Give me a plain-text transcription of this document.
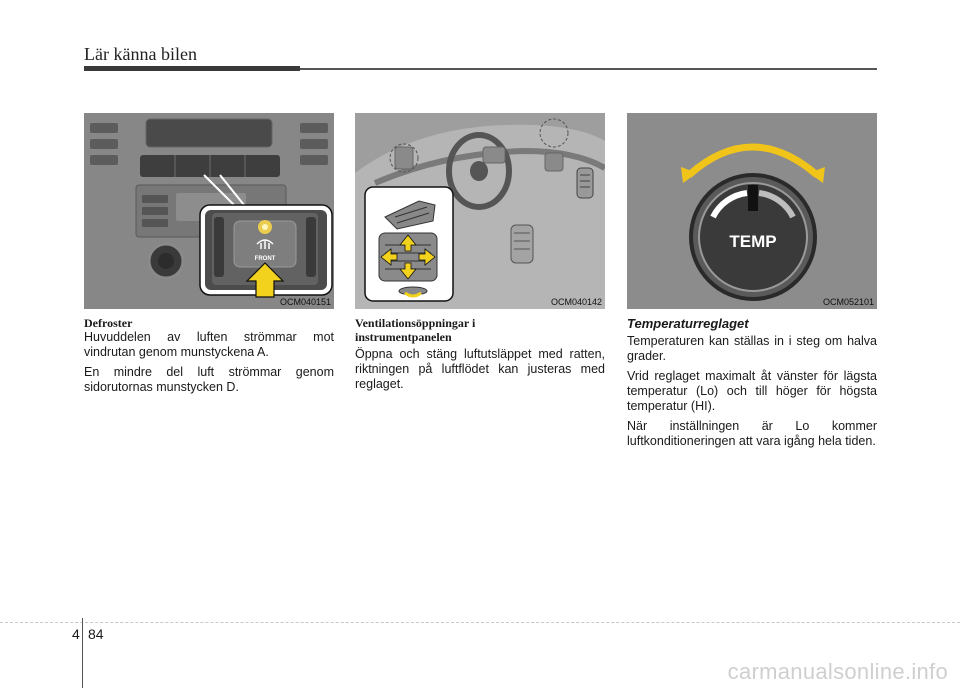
Lär känna bilen
FRONT
OCM040151	OCM040142
TEMP
OCM052101
Defroster

Huvuddelen av luften strömmar mot vindrutan genom munstyckena A.

En mindre del luft strömmar genom sidorutornas munstycken D.

Ventilationsöppningar i
instrumentpanelen

Öppna och stäng luftutsläppet med ratten, riktningen på luftflödet kan justeras med reglaget.

Temperaturreglaget

Temperaturen kan ställas in i steg om halva grader.

Vrid reglaget maximalt åt vänster för lägsta temperatur (Lo) och till höger för högsta temperatur (HI).

När inställningen är Lo kommer luftkonditioneringen att vara igång hela tiden.

4 84
carmanualsonline.info
